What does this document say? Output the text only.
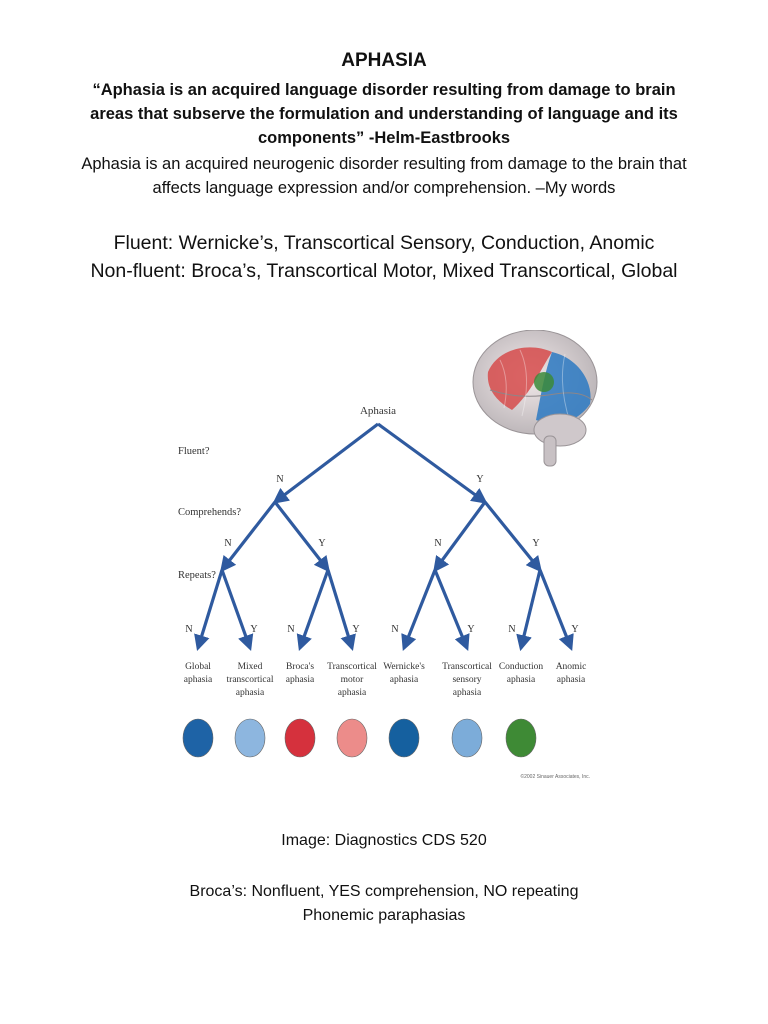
APHASIA
“Aphasia is an acquired language disorder resulting from damage to brain areas that subserve the formulation and understanding of language and its components” -Helm-Eastbrooks
Aphasia is an acquired neurogenic disorder resulting from damage to the brain that affects language expression and/or comprehension. –My words
Fluent: Wernicke’s, Transcortical Sensory, Conduction, Anomic
Non-fluent: Broca’s, Transcortical Motor, Mixed Transcortical, Global
Aphasia
Fluent?
Comprehends?
Repeats?
N	Y
N	Y	N	Y
N	Y	N	Y	N	Y	N	Y
Global
aphasia
Mixed
transcortical
aphasia
Broca's
aphasia
Transcortical
motor
aphasia
Wernicke's
aphasia
Transcortical
sensory
aphasia
Conduction
aphasia
Anomic
aphasia
©2002 Sinauer Associates, Inc.
Image: Diagnostics CDS 520
Broca’s: Nonfluent, YES comprehension, NO repeating
Phonemic paraphasias
